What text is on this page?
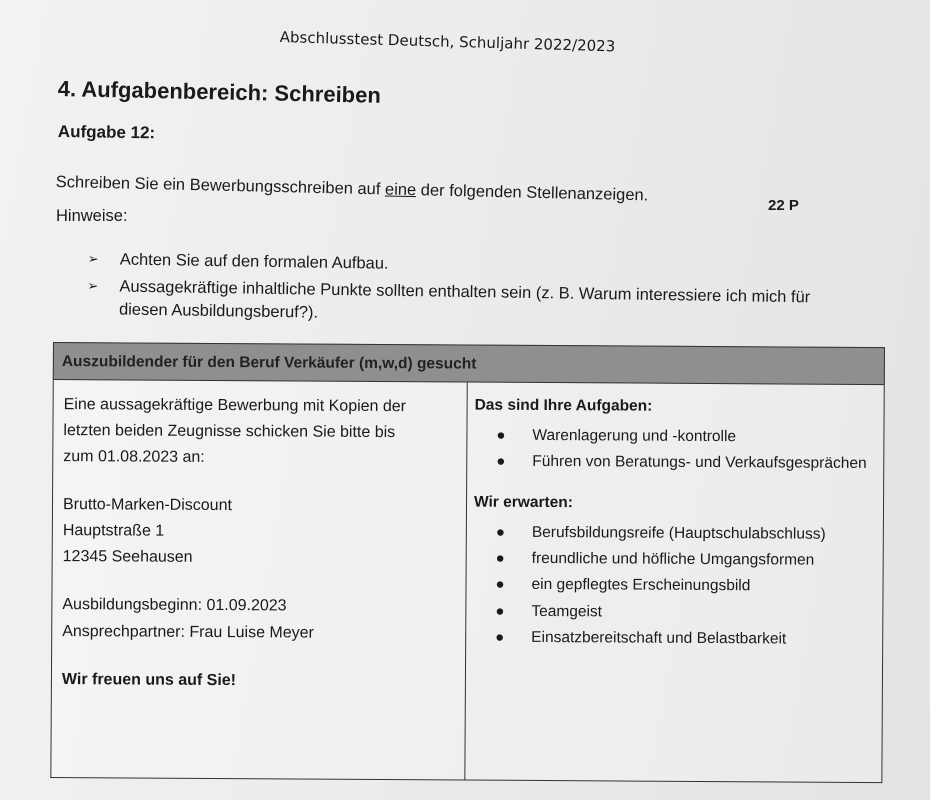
Abschlusstest Deutsch, Schuljahr 2022/2023
4. Aufgabenbereich: Schreiben
Aufgabe 12:
Schreiben Sie ein Bewerbungsschreiben auf eine der folgenden Stellenanzeigen.
22 P
Hinweise:
➢ Achten Sie auf den formalen Aufbau.
➢ Aussagekräftige inhaltliche Punkte sollten enthalten sein (z. B. Warum interessiere ich mich für diesen Ausbildungsberuf?).
Auszubildender für den Beruf Verkäufer (m,w,d) gesucht
Eine aussagekräftige Bewerbung mit Kopien der
letzten beiden Zeugnisse schicken Sie bitte bis
zum 01.08.2023 an:
Brutto-Marken-Discount
Hauptstraße 1
12345 Seehausen
Ausbildungsbeginn: 01.09.2023
Ansprechpartner: Frau Luise Meyer
Wir freuen uns auf Sie!
Das sind Ihre Aufgaben:
● Warenlagerung und -kontrolle
● Führen von Beratungs- und Verkaufsgesprächen
Wir erwarten:
● Berufsbildungsreife (Hauptschulabschluss)
● freundliche und höfliche Umgangsformen
● ein gepflegtes Erscheinungsbild
● Teamgeist
● Einsatzbereitschaft und Belastbarkeit
